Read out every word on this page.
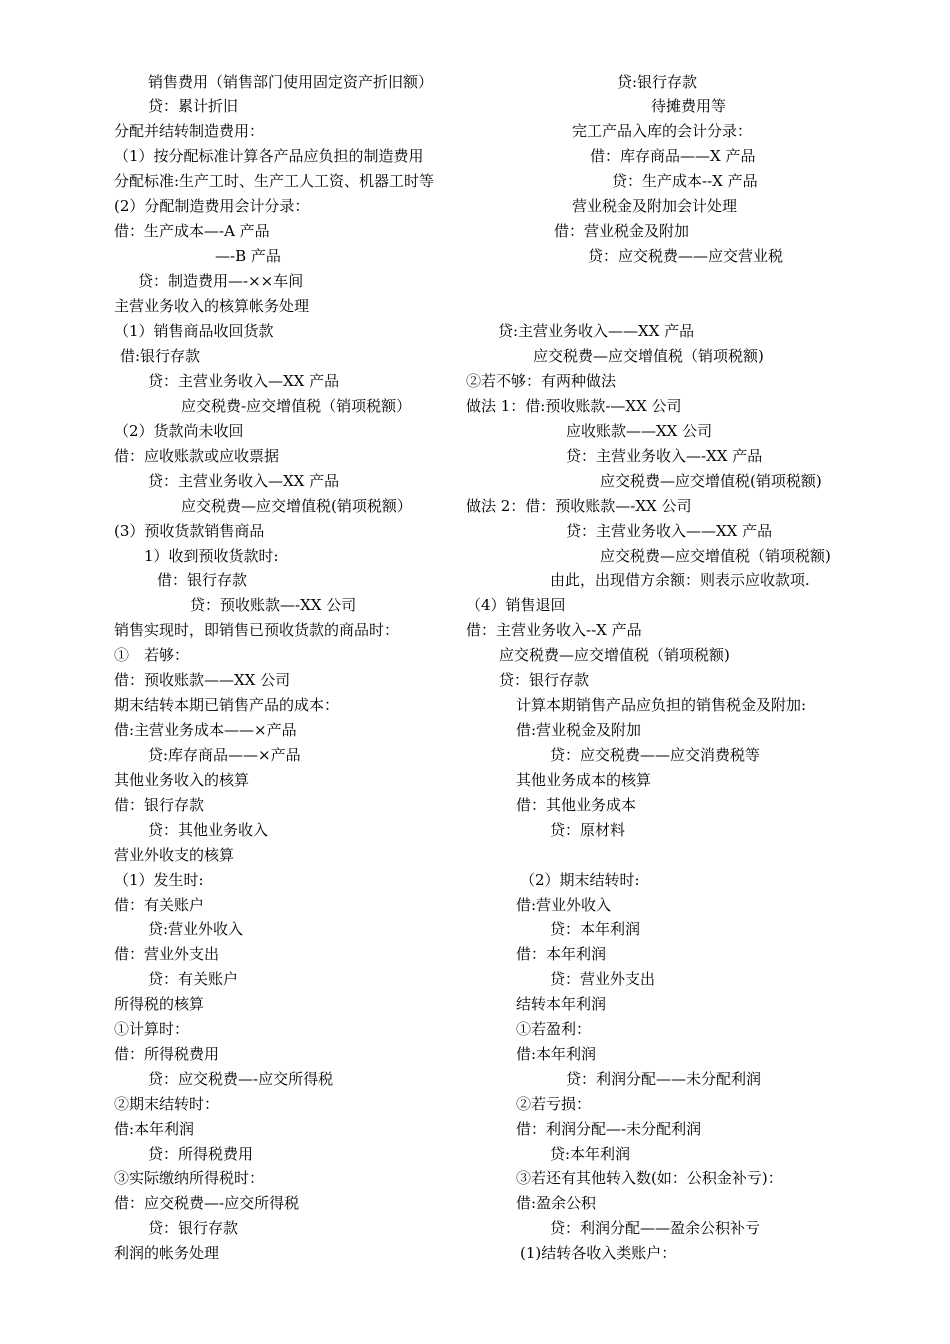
销售费用（销售部门使用固定资产折旧额）
贷：累计折旧
分配并结转制造费用：
（1）按分配标准计算各产品应负担的制造费用
分配标准:生产工时、生产工人工资、机器工时等
(2）分配制造费用会计分录：
借：生产成本—-A 产品
—-B 产品
贷：制造费用—-××车间
主营业务收入的核算帐务处理
（1）销售商品收回货款
借:银行存款
贷：主营业务收入—XX 产品
应交税费-应交增值税（销项税额）
（2）货款尚未收回
借：应收账款或应收票据
贷：主营业务收入—XX 产品
应交税费—应交增值税(销项税额）
(3）预收货款销售商品
1）收到预收货款时:
借：银行存款
贷：预收账款—-XX 公司
销售实现时，即销售已预收货款的商品时：
①　若够：
借：预收账款——XX 公司
期末结转本期已销售产品的成本：
借:主营业务成本——×产品
贷:库存商品——×产品
其他业务收入的核算
借：银行存款
贷：其他业务收入
营业外收支的核算
（1）发生时:
借：有关账户
贷:营业外收入
借：营业外支出
贷：有关账户
所得税的核算
①计算时：
借：所得税费用
贷：应交税费—-应交所得税
②期末结转时：
借:本年利润
贷：所得税费用
③实际缴纳所得税时：
借：应交税费—-应交所得税
贷：银行存款
利润的帐务处理
贷:银行存款
待摊费用等
完工产品入库的会计分录：
借：库存商品——X 产品
贷：生产成本--X 产品
营业税金及附加会计处理
借：营业税金及附加
贷：应交税费——应交营业税
贷:主营业务收入——XX 产品
应交税费—应交增值税（销项税额)
②若不够：有两种做法
做法 1：借:预收账款-—XX 公司
应收账款——XX 公司
贷：主营业务收入—-XX 产品
应交税费—应交增值税(销项税额)
做法 2：借：预收账款—-XX 公司
贷：主营业务收入——XX 产品
应交税费—应交增值税（销项税额)
由此，出现借方余额：则表示应收款项.
（4）销售退回
借：主营业务收入--X 产品
应交税费—应交增值税（销项税额)
贷：银行存款
计算本期销售产品应负担的销售税金及附加:
借:营业税金及附加
贷：应交税费——应交消费税等
其他业务成本的核算
借：其他业务成本
贷：原材料
（2）期末结转时:
借:营业外收入
贷：本年利润
借：本年利润
贷：营业外支出
结转本年利润
①若盈利：
借:本年利润
贷：利润分配——未分配利润
②若亏损：
借：利润分配—-未分配利润
贷:本年利润
③若还有其他转入数(如：公积金补亏)：
借:盈余公积
贷：利润分配——盈余公积补亏
(1)结转各收入类账户：
